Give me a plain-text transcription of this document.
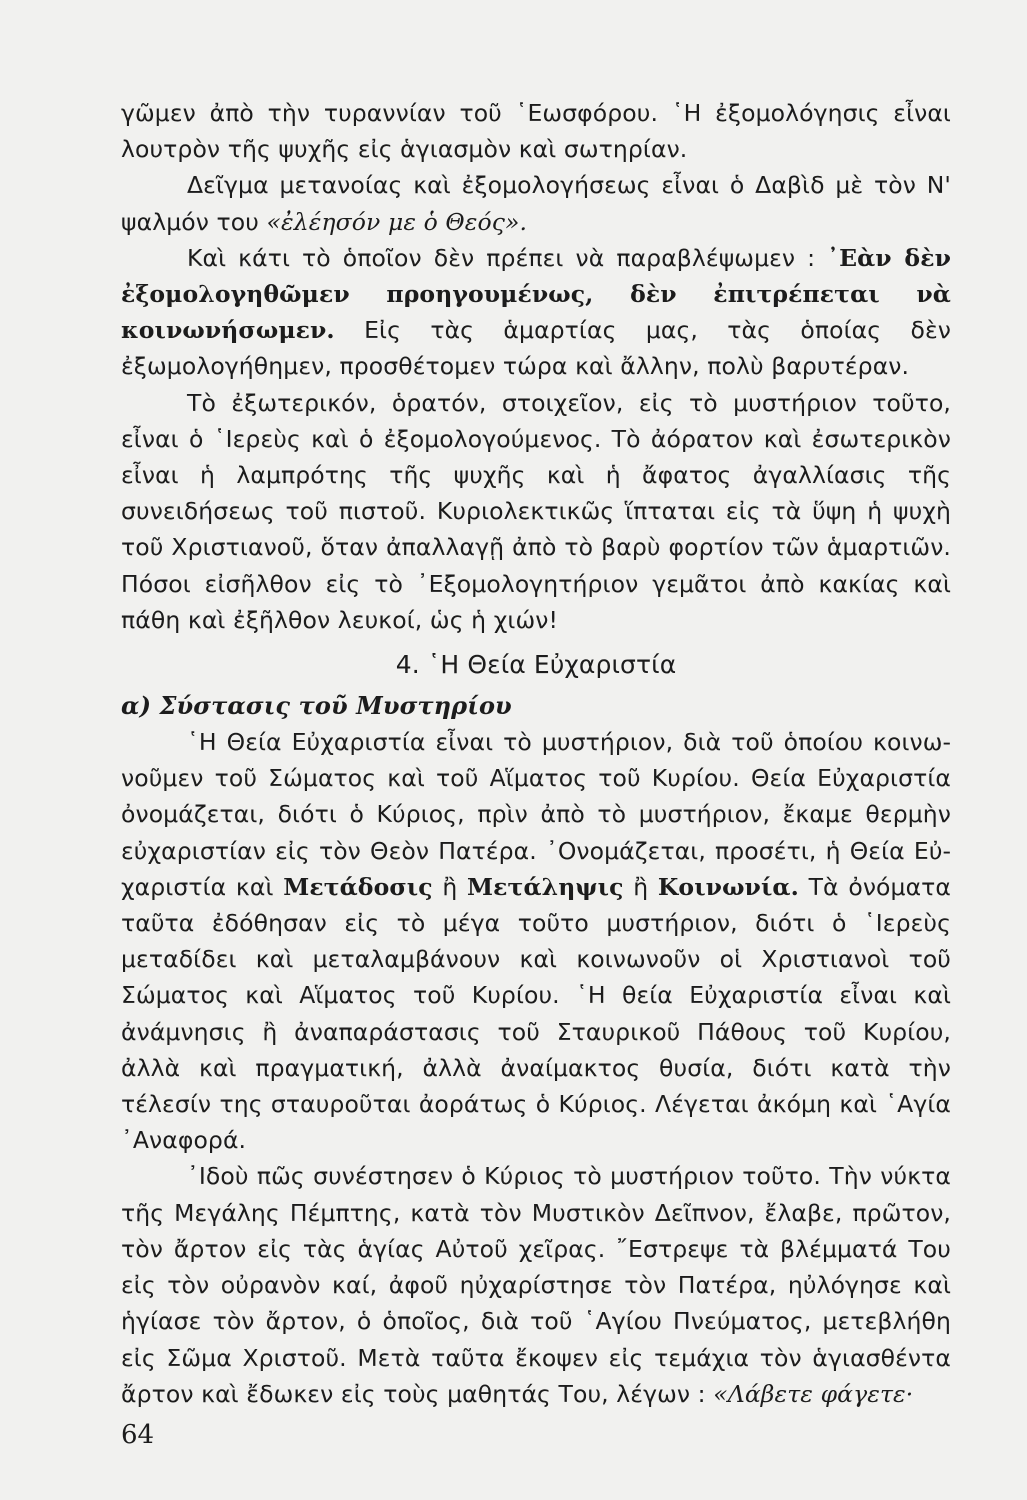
γῶμεν ἀπὸ τὴν τυραννίαν τοῦ ῾Εωσφόρου. ῾Η ἐξομολόγησις εἶναι λουτρὸν τῆς ψυχῆς εἰς ἁγιασμὸν καὶ σωτηρίαν.

Δεῖγμα μετανοίας καὶ ἐξομολογήσεως εἶναι ὁ Δαβὶδ μὲ τὸν Ν' ψαλμόν του «ἐλέησόν με ὁ Θεός».

Καὶ κάτι τὸ ὁποῖον δὲν πρέπει νὰ παραβλέψωμεν : ᾽Εὰν δὲν ἐξομολογηθῶμεν προηγουμένως, δὲν ἐπιτρέπεται νὰ κοινωνήσωμεν. Εἰς τὰς ἁμαρτίας μας, τὰς ὁποίας δὲν ἐξωμολογήθημεν, προσθέτομεν τώρα καὶ ἄλλην, πολὺ βαρυτέραν.

Τὸ ἐξωτερικόν, ὁρατόν, στοιχεῖον, εἰς τὸ μυστήριον τοῦτο, εἶναι ὁ ῾Ιερεὺς καὶ ὁ ἐξομολογούμενος. Τὸ ἀόρατον καὶ ἐσωτερικὸν εἶναι ἡ λαμπρότης τῆς ψυχῆς καὶ ἡ ἄφατος ἀγαλλίασις τῆς συνειδήσεως τοῦ πιστοῦ. Κυριολεκτικῶς ἵπταται εἰς τὰ ὕψη ἡ ψυχὴ τοῦ Χριστιανοῦ, ὅταν ἀπαλλαγῇ ἀπὸ τὸ βαρὺ φορτίον τῶν ἁμαρτιῶν. Πόσοι εἰσῆλθον εἰς τὸ ᾽Εξομολογητήριον γεμᾶτοι ἀπὸ κακίας καὶ πάθη καὶ ἐξῆλθον λευκοί, ὡς ἡ χιών!

4. ῾Η Θεία Εὐχαριστία
α) Σύστασις τοῦ Μυστηρίου

῾Η Θεία Εὐχαριστία εἶναι τὸ μυστήριον, διὰ τοῦ ὁποίου κοινωνοῦμεν τοῦ Σώματος καὶ τοῦ Αἵματος τοῦ Κυρίου. Θεία Εὐχαριστία ὀνομάζεται, διότι ὁ Κύριος, πρὶν ἀπὸ τὸ μυστήριον, ἔκαμε θερμὴν εὐχαριστίαν εἰς τὸν Θεὸν Πατέρα. ᾽Ονομάζεται, προσέτι, ἡ Θεία Εὐχαριστία καὶ Μετάδοσις ἢ Μετάληψις ἢ Κοινωνία. Τὰ ὀνόματα ταῦτα ἐδόθησαν εἰς τὸ μέγα τοῦτο μυστήριον, διότι ὁ ῾Ιερεὺς μεταδίδει καὶ μεταλαμβάνουν καὶ κοινωνοῦν οἱ Χριστιανοὶ τοῦ Σώματος καὶ Αἵματος τοῦ Κυρίου. ῾Η θεία Εὐχαριστία εἶναι καὶ ἀνάμνησις ἢ ἀναπαράστασις τοῦ Σταυρικοῦ Πάθους τοῦ Κυρίου, ἀλλὰ καὶ πραγματική, ἀλλὰ ἀναίμακτος θυσία, διότι κατὰ τὴν τέλεσίν της σταυροῦται ἀοράτως ὁ Κύριος. Λέγεται ἀκόμη καὶ ῾Αγία ᾽Αναφορά.

᾽Ιδοὺ πῶς συνέστησεν ὁ Κύριος τὸ μυστήριον τοῦτο. Τὴν νύκτα τῆς Μεγάλης Πέμπτης, κατὰ τὸν Μυστικὸν Δεῖπνον, ἔλαβε, πρῶτον, τὸν ἄρτον εἰς τὰς ἁγίας Αὐτοῦ χεῖρας. ῎Εστρεψε τὰ βλέμματά Του εἰς τὸν οὐρανὸν καί, ἀφοῦ ηὐχαρίστησε τὸν Πατέρα, ηὐλόγησε καὶ ἡγίασε τὸν ἄρτον, ὁ ὁποῖος, διὰ τοῦ ῾Αγίου Πνεύματος, μετεβλήθη εἰς Σῶμα Χριστοῦ. Μετὰ ταῦτα ἔκοψεν εἰς τεμάχια τὸν ἁγιασθέντα ἄρτον καὶ ἔδωκεν εἰς τοὺς μαθητάς Του, λέγων : «Λάβετε φάγετε·

64
